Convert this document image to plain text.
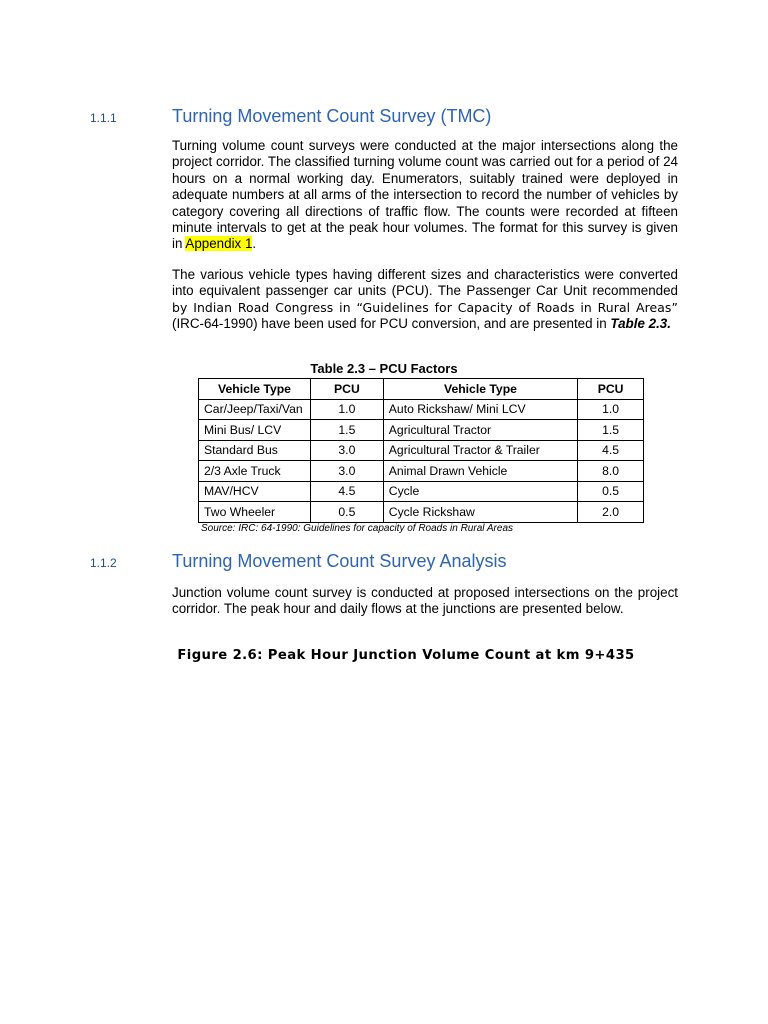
1.1.1	Turning Movement Count Survey (TMC)
Turning volume count surveys were conducted at the major intersections along the project corridor. The classified turning volume count was carried out for a period of 24 hours on a normal working day. Enumerators, suitably trained were deployed in adequate numbers at all arms of the intersection to record the number of vehicles by category covering all directions of traffic flow. The counts were recorded at fifteen minute intervals to get at the peak hour volumes. The format for this survey is given in Appendix 1.
The various vehicle types having different sizes and characteristics were converted into equivalent passenger car units (PCU). The Passenger Car Unit recommended by Indian Road Congress in “Guidelines for Capacity of Roads in Rural Areas” (IRC-64-1990) have been used for PCU conversion, and are presented in Table 2.3.
Table 2.3 – PCU Factors
Vehicle Type	PCU	Vehicle Type	PCU
Car/Jeep/Taxi/Van	1.0	Auto Rickshaw/ Mini LCV	1.0
Mini Bus/ LCV	1.5	Agricultural Tractor	1.5
Standard Bus	3.0	Agricultural Tractor & Trailer	4.5
2/3 Axle Truck	3.0	Animal Drawn Vehicle	8.0
MAV/HCV	4.5	Cycle	0.5
Two Wheeler	0.5	Cycle Rickshaw	2.0
Source: IRC: 64-1990: Guidelines for capacity of Roads in Rural Areas
1.1.2	Turning Movement Count Survey Analysis
Junction volume count survey is conducted at proposed intersections on the project corridor. The peak hour and daily flows at the junctions are presented below.
Figure 2.6: Peak Hour Junction Volume Count at km 9+435
